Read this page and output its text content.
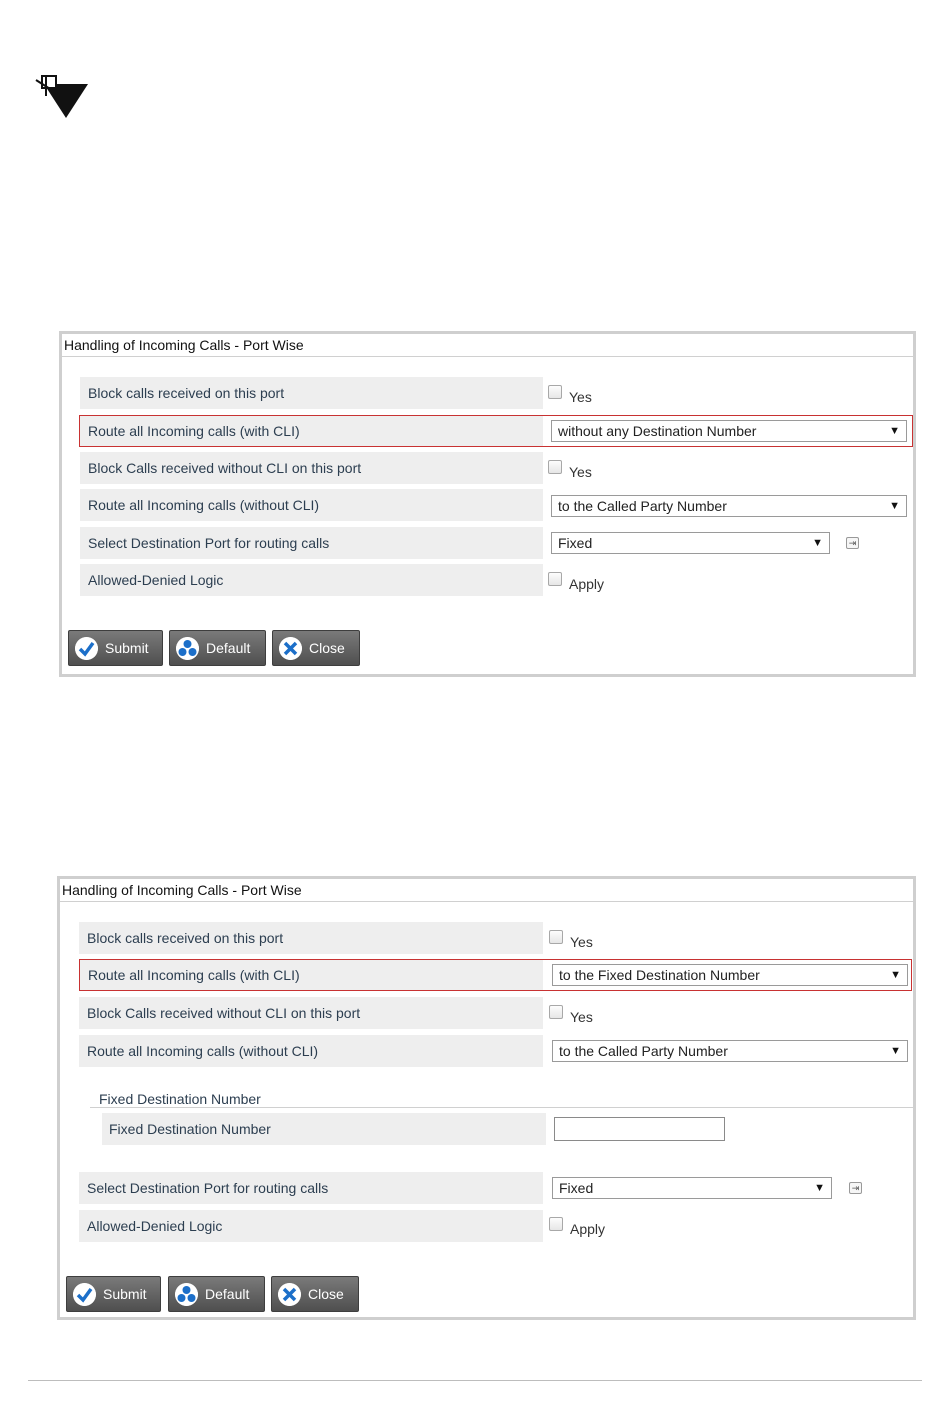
Handling of Incoming Calls - Port Wise
Block calls received on this port	Yes
Route all Incoming calls (with CLI)	without any Destination Number	▼
Block Calls received without CLI on this port	Yes
Route all Incoming calls (without CLI)	to the Called Party Number	▼
Select Destination Port for routing calls	Fixed	▼	⇥
Allowed-Denied Logic	Apply
Submit	Default	Close
Handling of Incoming Calls - Port Wise
Block calls received on this port	Yes
Route all Incoming calls (with CLI)	to the Fixed Destination Number	▼
Block Calls received without CLI on this port	Yes
Route all Incoming calls (without CLI)	to the Called Party Number	▼
Fixed Destination Number
Fixed Destination Number
Select Destination Port for routing calls	Fixed	▼	⇥
Allowed-Denied Logic	Apply
Submit	Default	Close
